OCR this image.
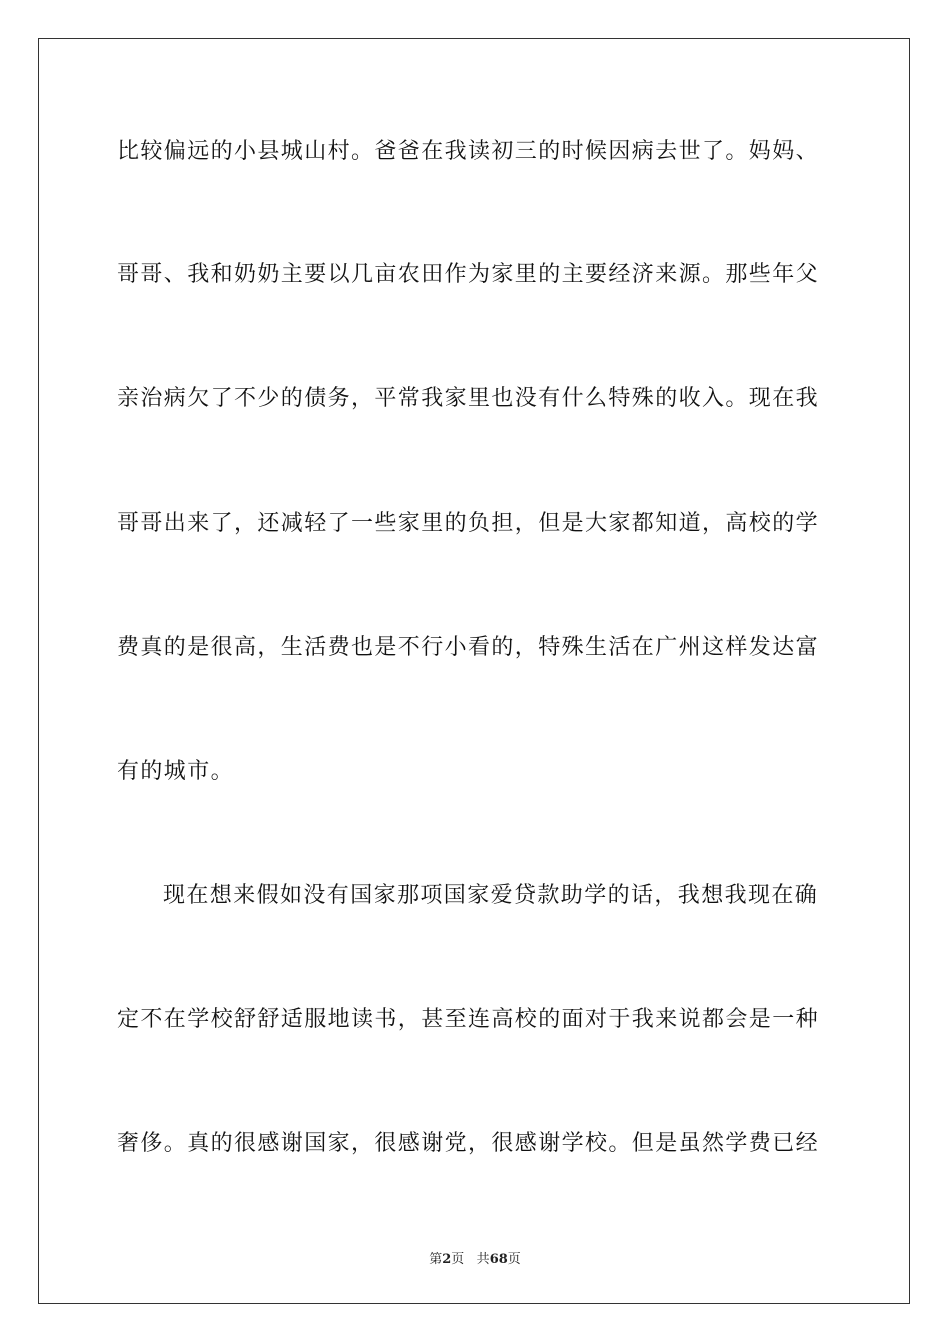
比较偏远的小县城山村。爸爸在我读初三的时候因病去世了。妈妈、
哥哥、我和奶奶主要以几亩农田作为家里的主要经济来源。那些年父
亲治病欠了不少的债务，平常我家里也没有什么特殊的收入。现在我
哥哥出来了，还减轻了一些家里的负担，但是大家都知道，高校的学
费真的是很高，生活费也是不行小看的，特殊生活在广州这样发达富
有的城市。
现在想来假如没有国家那项国家爱贷款助学的话，我想我现在确
定不在学校舒舒适服地读书，甚至连高校的面对于我来说都会是一种
奢侈。真的很感谢国家，很感谢党，很感谢学校。但是虽然学费已经
第2页 共68页
